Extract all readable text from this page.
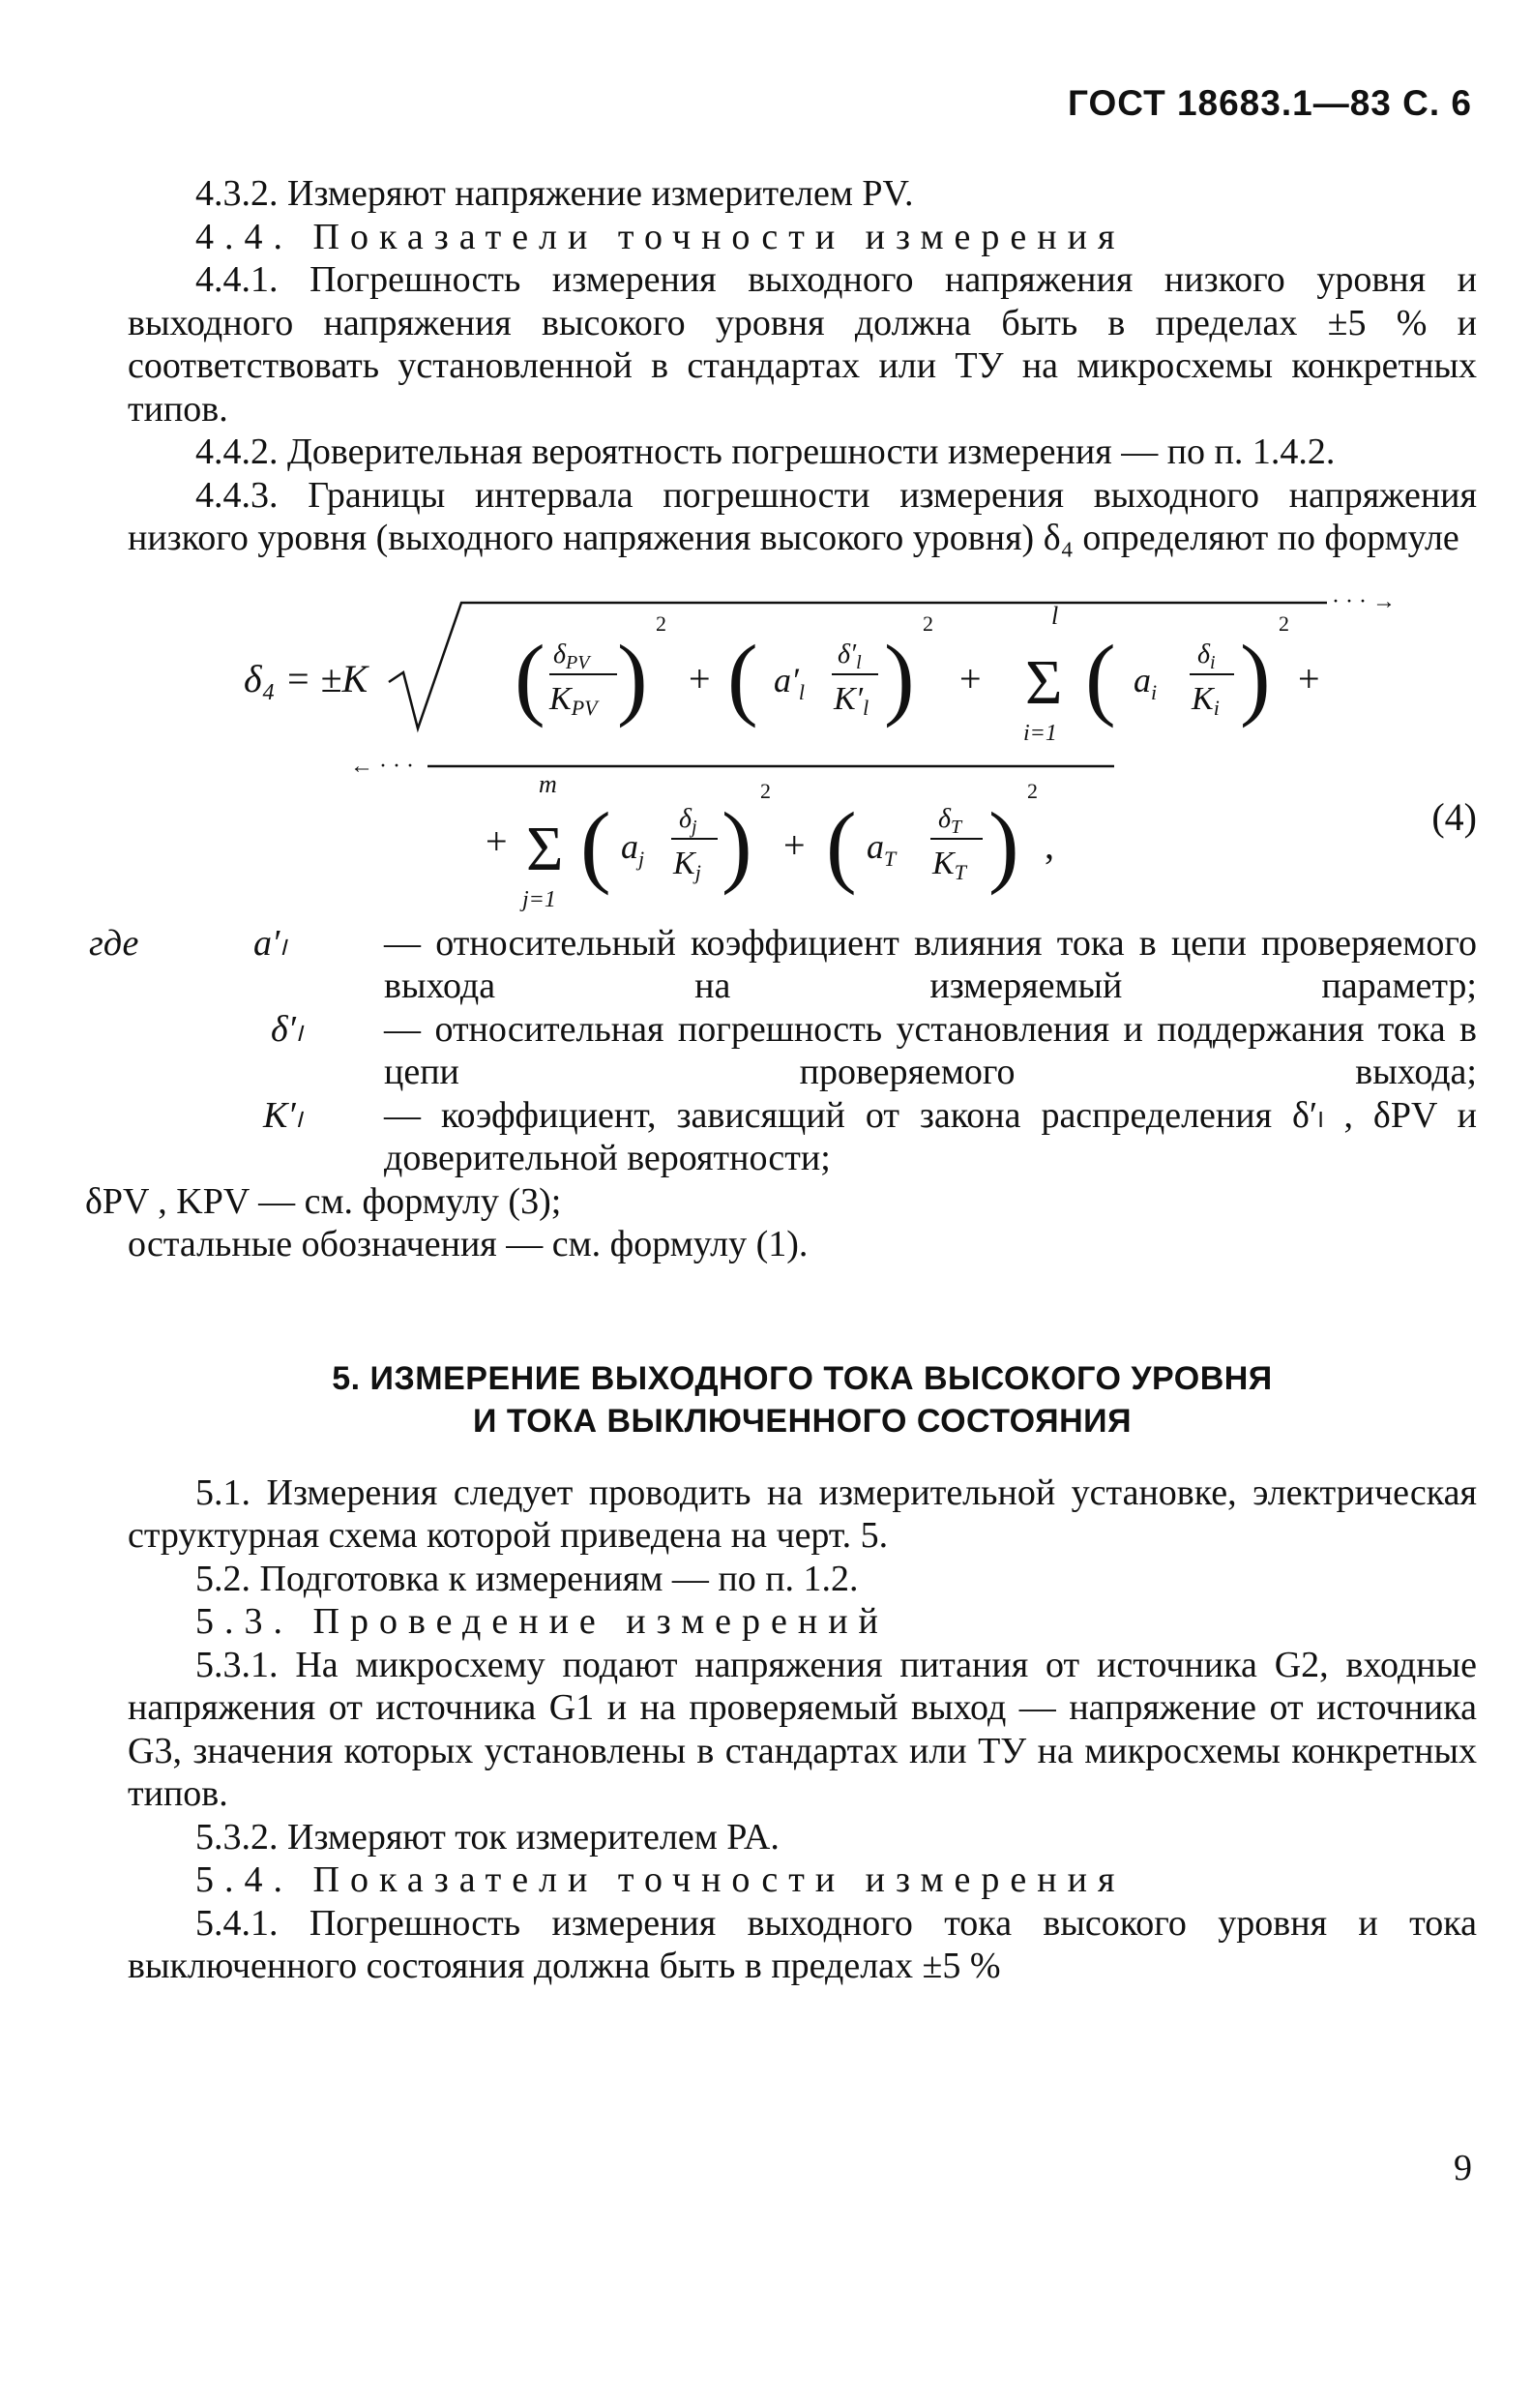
ГОСТ 18683.1—83 С. 6

4.3.2. Измеряют напряжение измерителем PV.

4.4. Показатели точности измерения

4.4.1. Погрешность измерения выходного напряжения низкого уровня и выходного напряжения высокого уровня должна быть в пределах ±5 % и соответствовать установленной в стандартах или ТУ на микросхемы конкретных типов.

4.4.2. Доверительная вероятность погрешности измерения — по п. 1.4.2.

4.4.3. Границы интервала погрешности измерения выходного напряжения низкого уровня (выходного напряжения высокого уровня) δ₄ определяют по формуле

δ₄ = ±K
· · · →
( $\delta_{PV}$
KPV )
2
+ ( $a'_l$
$\delta'_l$
K′l )
2
+
l
Σ
i=1
( $a_i$
$\delta_i$
Ki )
2
+
← · · ·
+
m
Σ
j=1
( $a_j$
$\delta_j$
Kj )
2
+ ( $a_T$
$\delta_T$
KT )
2
,
(4)
где	a′ₗ	— относительный коэффициент влияния тока в цепи проверяемого выхода на измеряемый параметр;

δ′ₗ — относительная погрешность установления и поддержания тока в цепи проверяемого выхода;

K′ₗ — коэффициент, зависящий от закона распределения δ′ₗ , δPV и доверительной вероятности;

δPV , KPV — см. формулу (3);

остальные обозначения — см. формулу (1).

5. ИЗМЕРЕНИЕ ВЫХОДНОГО ТОКА ВЫСОКОГО УРОВНЯ
И ТОКА ВЫКЛЮЧЕННОГО СОСТОЯНИЯ

5.1. Измерения следует проводить на измерительной установке, электрическая структурная схема которой приведена на черт. 5.

5.2. Подготовка к измерениям — по п. 1.2.

5.3. Проведение измерений

5.3.1. На микросхему подают напряжения питания от источника G2, входные напряжения от источника G1 и на проверяемый выход — напряжение от источника G3, значения которых установлены в стандартах или ТУ на микросхемы конкретных типов.

5.3.2. Измеряют ток измерителем PA.

5.4. Показатели точности измерения

5.4.1. Погрешность измерения выходного тока высокого уровня и тока выключенного состояния должна быть в пределах ±5 %

9
